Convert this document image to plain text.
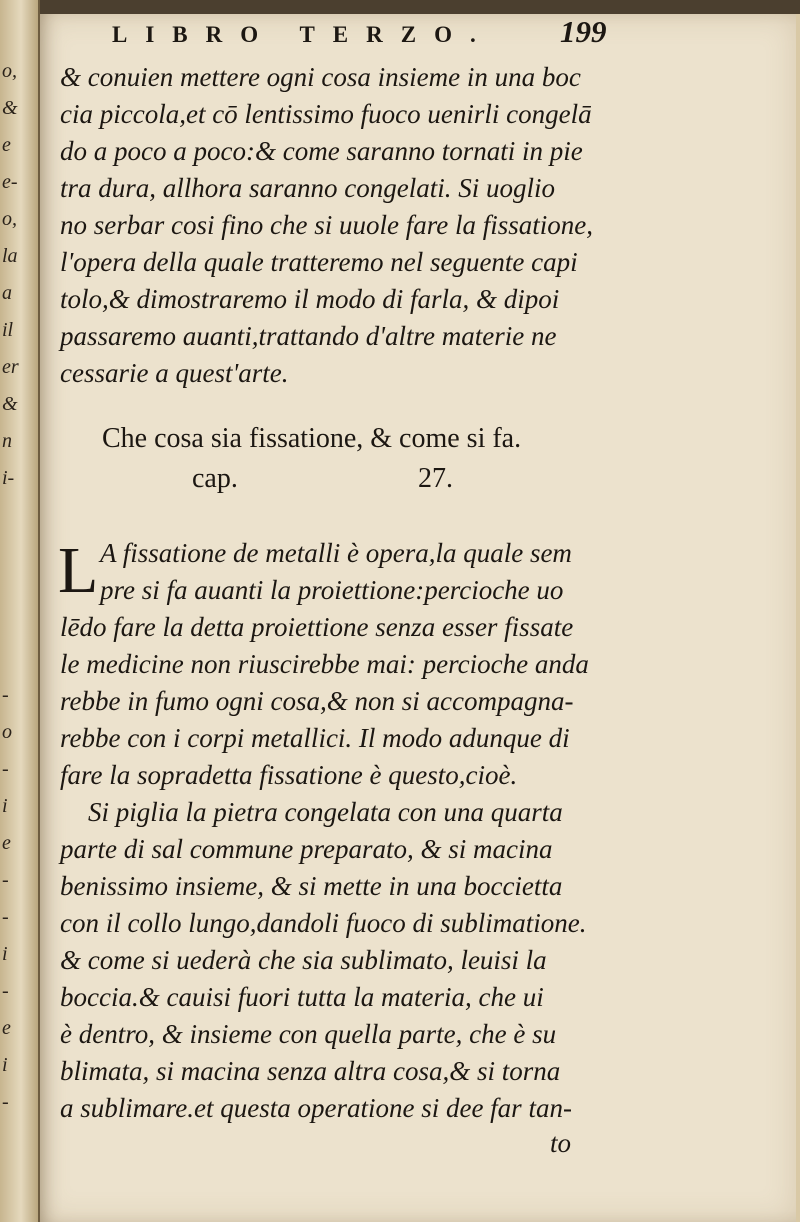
o,
&
e
e-
o,
la
a
il
er
&
n
i-
-
o
-
i
e
-
-
i
-
e
i
-
LIBRO TERZO.	199
& conuien mettere ogni cosa insieme in una boc
cia piccola,et cō lentissimo fuoco uenirli congelā
do a poco a poco:& come saranno tornati in pie
tra dura, allhora saranno congelati. Si uoglio
no serbar cosi fino che si uuole fare la fissatione,
l'opera della quale tratteremo nel seguente capi
tolo,& dimostraremo il modo di farla, & dipoi
passaremo auanti,trattando d'altre materie ne
cessarie a quest'arte.
Che cosa sia fissatione, & come si fa.
cap.	27.
L A fissatione de metalli è opera,la quale sem
pre si fa auanti la proiettione:percioche uo
lēdo fare la detta proiettione senza esser fissate
le medicine non riuscirebbe mai: percioche anda
rebbe in fumo ogni cosa,& non si accompagna-
rebbe con i corpi metallici. Il modo adunque di
fare la sopradetta fissatione è questo,cioè.
Si piglia la pietra congelata con una quarta
parte di sal commune preparato, & si macina
benissimo insieme, & si mette in una boccietta
con il collo lungo,dandoli fuoco di sublimatione.
& come si uederà che sia sublimato, leuisi la
boccia.& cauisi fuori tutta la materia, che ui
è dentro, & insieme con quella parte, che è su
blimata, si macina senza altra cosa,& si torna
a sublimare.et questa operatione si dee far tan-
to
